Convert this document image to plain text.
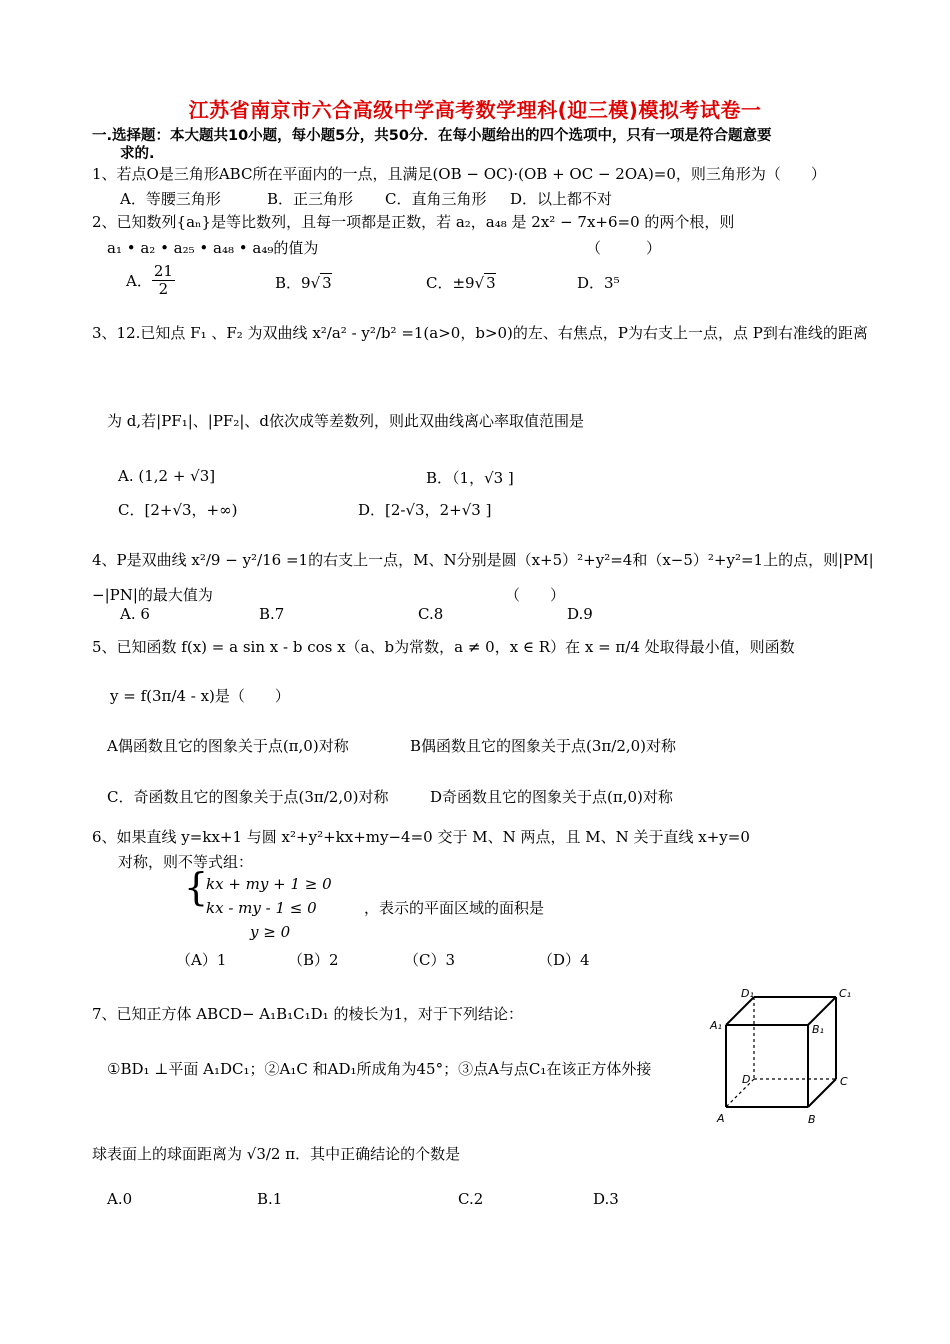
江苏省南京市六合高级中学高考数学理科(迎三模)模拟考试卷一
一.选择题：本大题共10小题，每小题5分，共50分．在每小题给出的四个选项中，只有一项是符合题意要
求的.
1、若点O是三角形ABC所在平面内的一点，且满足(OB − OC)·(OB + OC − 2OA)=0，则三角形为（　　）
A．等腰三角形	B．正三角形 C．直角三角形 D．以上都不对
2、已知数列{aₙ}是等比数列，且每一项都是正数，若 a₂，a₄₈ 是 2x² − 7x+6=0 的两个根，则
a₁ • a₂ • a₂₅ • a₄₈ • a₄₉的值为	（　　　）
A． $\frac{21}{2}$	B．9√ 3	C．±9√ 3	D．3⁵
3、12.已知点 F₁ 、F₂ 为双曲线 x²/a² - y²/b² =1(a>0，b>0)的左、右焦点，P为右支上一点，点 P到右准线的距离
为 d,若|PF₁|、|PF₂|、d依次成等差数列，则此双曲线离心率取值范围是
A. (1,2 + √3]	B．（1，√3 ]
C．[2+√3，+∞)	D．[2-√3，2+√3 ]
4、P是双曲线 x²/9 − y²/16 =1的右支上一点，M、N分别是圆（x+5）²+y²=4和（x−5）²+y²=1上的点，则|PM|
−|PN|的最大值为	（　　）
A. 6	B.7	C.8	D.9
5、已知函数 f(x) = a sin x - b cos x（a、b为常数，a ≠ 0，x ∈ R）在 x = π/4 处取得最小值，则函数
y = f(3π/4 - x)是（　　）
A偶函数且它的图象关于点(π,0)对称	B偶函数且它的图象关于点(3π/2,0)对称
C．奇函数且它的图象关于点(3π/2,0)对称	D奇函数且它的图象关于点(π,0)对称
6、如果直线 y=kx+1 与圆 x²+y²+kx+my−4=0 交于 M、N 两点，且 M、N 关于直线 x+y=0
对称，则不等式组：
{
kx + my + 1 ≥ 0
kx - my - 1 ≤ 0
y ≥ 0
，表示的平面区域的面积是
（A）1	（B）2	（C）3	（D）4
7、已知正方体 ABCD− A₁B₁C₁D₁ 的棱长为1，对于下列结论：
①BD₁ ⊥平面 A₁DC₁；②A₁C 和AD₁所成角为45°；③点A与点C₁在该正方体外接
球表面上的球面距离为 √3/2 π．其中正确结论的个数是
A.0	B.1	C.2	D.3
D₁	C₁
A₁	B₁
D	C
A	B
